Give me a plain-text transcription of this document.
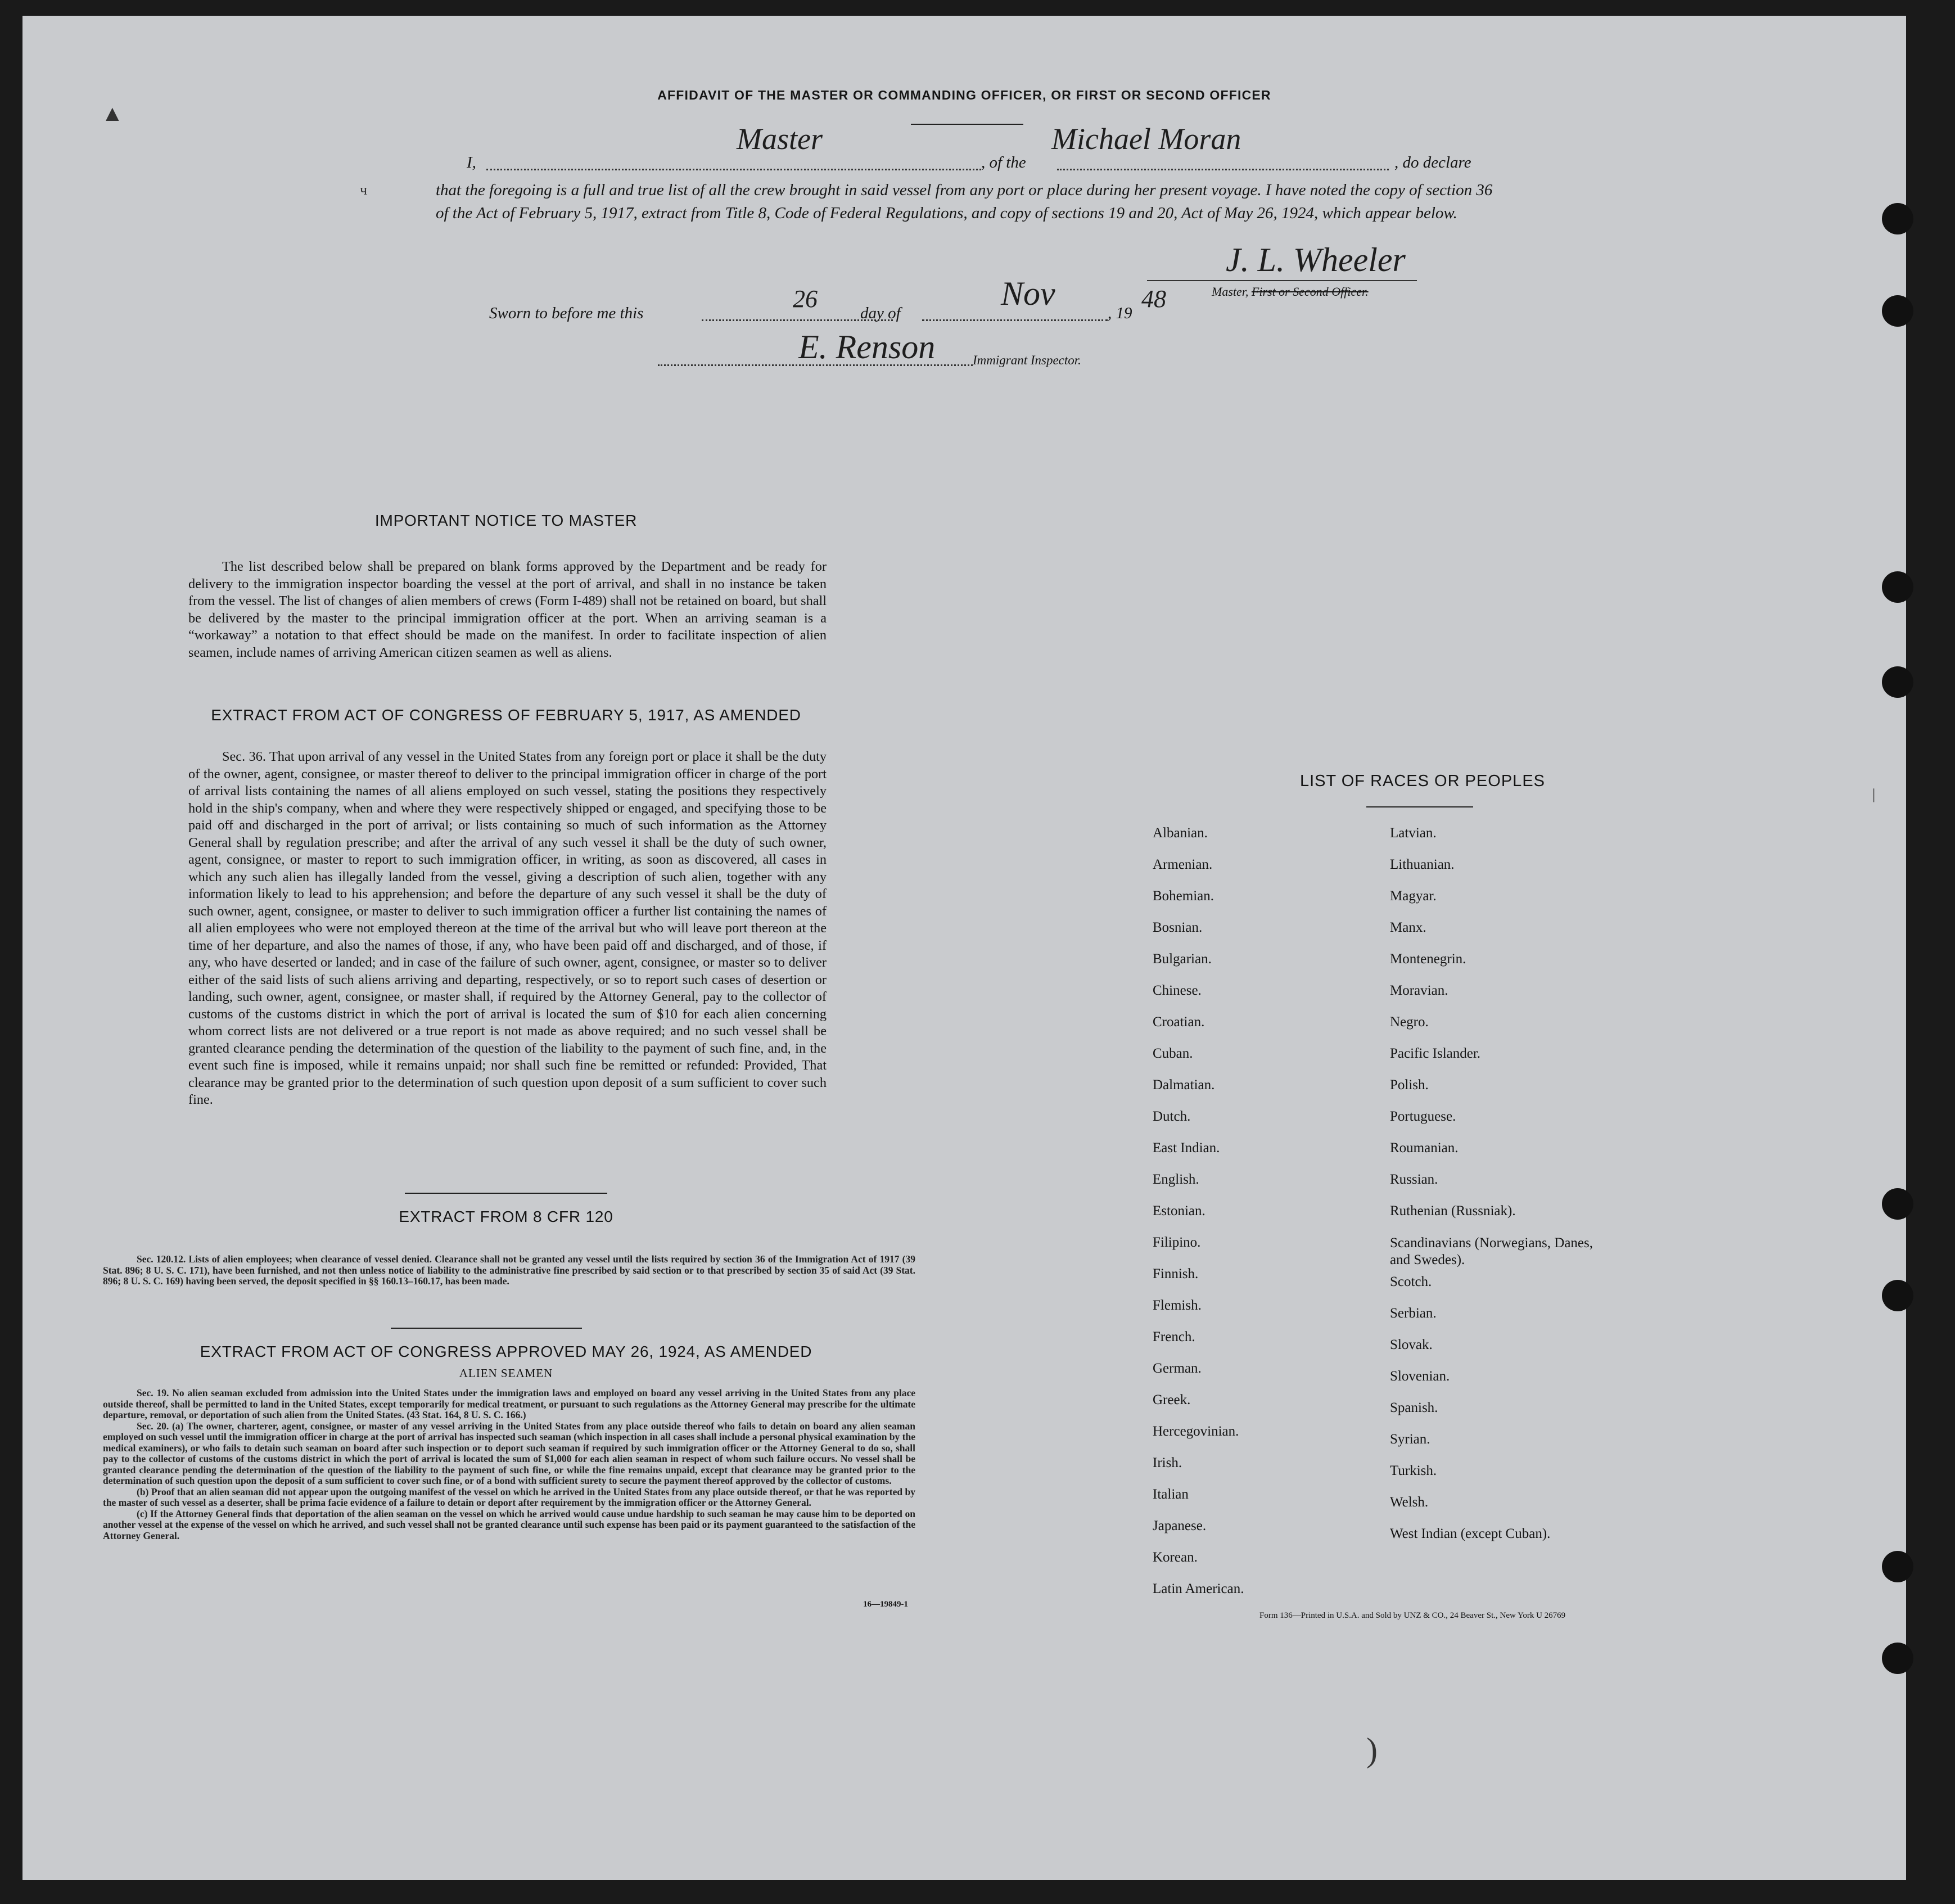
AFFIDAVIT OF THE MASTER OR COMMANDING OFFICER, OR FIRST OR SECOND OFFICER
I,
Master
, of the
Michael Moran
, do declare
that the foregoing is a full and true list of all the crew brought in said vessel from any port or place during her present voyage. I have noted the copy of section 36 of the Act of February 5, 1917, extract from Title 8, Code of Federal Regulations, and copy of sections 19 and 20, Act of May 26, 1924, which appear below.
J. L. Wheeler
Master, First or Second Officer.
Sworn to before me this
26
day of
Nov
, 19
48
E. Renson	Immigrant Inspector.
IMPORTANT NOTICE TO MASTER

The list described below shall be prepared on blank forms approved by the Department and be ready for delivery to the immigration inspector boarding the vessel at the port of arrival, and shall in no instance be taken from the vessel. The list of changes of alien members of crews (Form I-489) shall not be retained on board, but shall be delivered by the master to the principal immigration officer at the port. When an arriving seaman is a “workaway” a notation to that effect should be made on the manifest. In order to facilitate inspection of alien seamen, include names of arriving American citizen seamen as well as aliens.

EXTRACT FROM ACT OF CONGRESS OF FEBRUARY 5, 1917, AS AMENDED

Sec. 36. That upon arrival of any vessel in the United States from any foreign port or place it shall be the duty of the owner, agent, consignee, or master thereof to deliver to the principal immigration officer in charge of the port of arrival lists containing the names of all aliens employed on such vessel, stating the positions they respectively hold in the ship's company, when and where they were respectively shipped or engaged, and specifying those to be paid off and discharged in the port of arrival; or lists containing so much of such information as the Attorney General shall by regulation prescribe; and after the arrival of any such vessel it shall be the duty of such owner, agent, consignee, or master to report to such immigration officer, in writing, as soon as discovered, all cases in which any such alien has illegally landed from the vessel, giving a description of such alien, together with any information likely to lead to his apprehension; and before the departure of any such vessel it shall be the duty of such owner, agent, consignee, or master to deliver to such immigration officer a further list containing the names of all alien employees who were not employed thereon at the time of the arrival but who will leave port thereon at the time of her departure, and also the names of those, if any, who have been paid off and discharged, and of those, if any, who have deserted or landed; and in case of the failure of such owner, agent, consignee, or master so to deliver either of the said lists of such aliens arriving and departing, respectively, or so to report such cases of desertion or landing, such owner, agent, consignee, or master shall, if required by the Attorney General, pay to the collector of customs of the customs district in which the port of arrival is located the sum of $10 for each alien concerning whom correct lists are not delivered or a true report is not made as above required; and no such vessel shall be granted clearance pending the determination of the question of the liability to the payment of such fine, and, in the event such fine is imposed, while it remains unpaid; nor shall such fine be remitted or refunded: Provided, That clearance may be granted prior to the determination of such question upon deposit of a sum sufficient to cover such fine.

EXTRACT FROM 8 CFR 120

Sec. 120.12. Lists of alien employees; when clearance of vessel denied. Clearance shall not be granted any vessel until the lists required by section 36 of the Immigration Act of 1917 (39 Stat. 896; 8 U. S. C. 171), have been furnished, and not then unless notice of liability to the administrative fine prescribed by said section or to that prescribed by section 35 of said Act (39 Stat. 896; 8 U. S. C. 169) having been served, the deposit specified in §§ 160.13–160.17, has been made.

EXTRACT FROM ACT OF CONGRESS APPROVED MAY 26, 1924, AS AMENDED
ALIEN SEAMEN

Sec. 19. No alien seaman excluded from admission into the United States under the immigration laws and employed on board any vessel arriving in the United States from any place outside thereof, shall be permitted to land in the United States, except temporarily for medical treatment, or pursuant to such regulations as the Attorney General may prescribe for the ultimate departure, removal, or deportation of such alien from the United States. (43 Stat. 164, 8 U. S. C. 166.)

Sec. 20. (a) The owner, charterer, agent, consignee, or master of any vessel arriving in the United States from any place outside thereof who fails to detain on board any alien seaman employed on such vessel until the immigration officer in charge at the port of arrival has inspected such seaman (which inspection in all cases shall include a personal physical examination by the medical examiners), or who fails to detain such seaman on board after such inspection or to deport such seaman if required by such immigration officer or the Attorney General to do so, shall pay to the collector of customs of the customs district in which the port of arrival is located the sum of $1,000 for each alien seaman in respect of whom such failure occurs. No vessel shall be granted clearance pending the determination of the question of the liability to the payment of such fine, or while the fine remains unpaid, except that clearance may be granted prior to the determination of such question upon the deposit of a sum sufficient to cover such fine, or of a bond with sufficient surety to secure the payment thereof approved by the collector of customs.

(b) Proof that an alien seaman did not appear upon the outgoing manifest of the vessel on which he arrived in the United States from any place outside thereof, or that he was reported by the master of such vessel as a deserter, shall be prima facie evidence of a failure to detain or deport after requirement by the immigration officer or the Attorney General.

(c) If the Attorney General finds that deportation of the alien seaman on the vessel on which he arrived would cause undue hardship to such seaman he may cause him to be deported on another vessel at the expense of the vessel on which he arrived, and such vessel shall not be granted clearance until such expense has been paid or its payment guaranteed to the satisfaction of the Attorney General.

16—19849-1
LIST OF RACES OR PEOPLES
Form 136—Printed in U.S.A. and Sold by UNZ & CO., 24 Beaver St., New York U 26769
▲
ч
|
)
Albanian.
Armenian.
Bohemian.
Bosnian.
Bulgarian.
Chinese.
Croatian.
Cuban.
Dalmatian.
Dutch.
East Indian.
English.
Estonian.
Filipino.
Finnish.
Flemish.
French.
German.
Greek.
Hercegovinian.
Irish.
Italian
Japanese.
Korean.
Latin American.
Latvian.
Lithuanian.
Magyar.
Manx.
Montenegrin.
Moravian.
Negro.
Pacific Islander.
Polish.
Portuguese.
Roumanian.
Russian.
Ruthenian (Russniak).
Scandinavians (Norwegians, Danes, and Swedes).
Scotch.
Serbian.
Slovak.
Slovenian.
Spanish.
Syrian.
Turkish.
Welsh.
West Indian (except Cuban).
